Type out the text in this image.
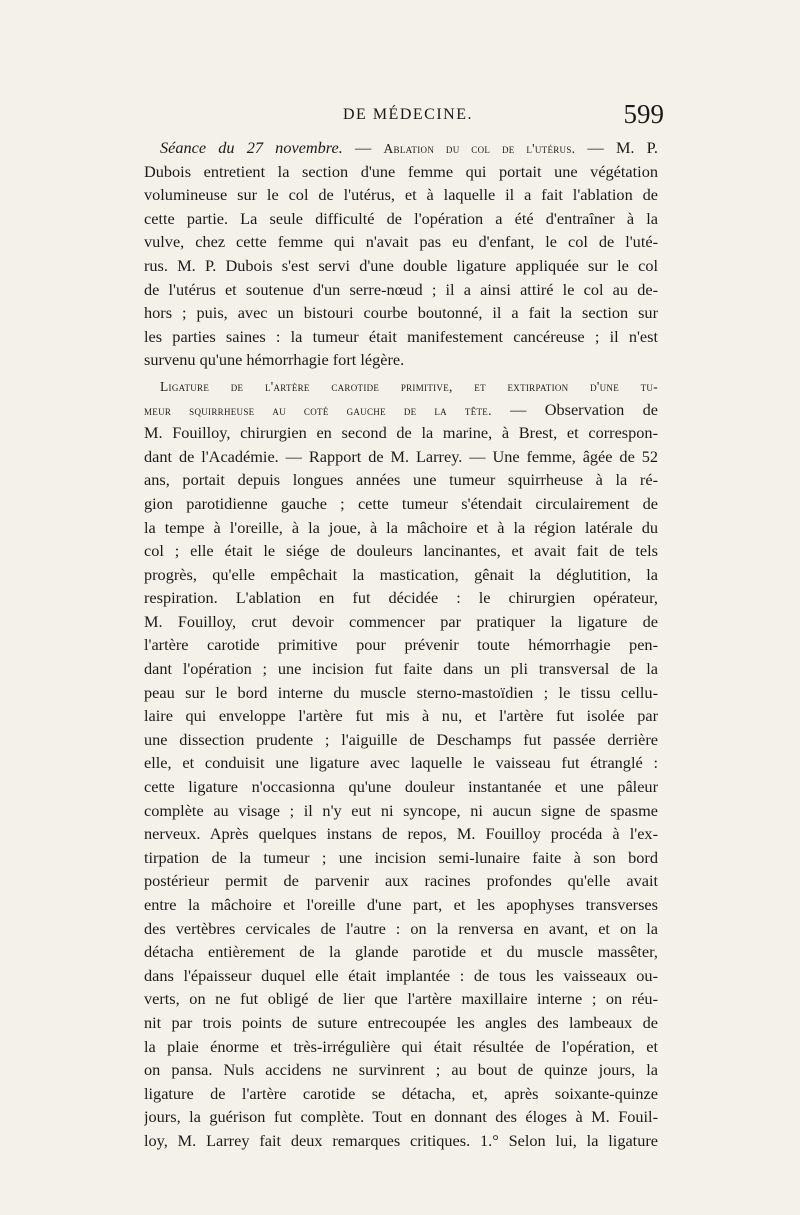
DE MÉDECINE.	599
Séance du 27 novembre. — Ablation du col de l'utérus. — M. P.
Dubois entretient la section d'une femme qui portait une végétation
volumineuse sur le col de l'utérus, et à laquelle il a fait l'ablation de
cette partie. La seule difficulté de l'opération a été d'entraîner à la
vulve, chez cette femme qui n'avait pas eu d'enfant, le col de l'uté-
rus. M. P. Dubois s'est servi d'une double ligature appliquée sur le col
de l'utérus et soutenue d'un serre-nœud ; il a ainsi attiré le col au de-
hors ; puis, avec un bistouri courbe boutonné, il a fait la section sur
les parties saines : la tumeur était manifestement cancéreuse ; il n'est
survenu qu'une hémorrhagie fort légère.
Ligature de l'artère carotide primitive, et extirpation d'une tu-
meur squirrheuse au coté gauche de la tête. — Observation de
M. Fouilloy, chirurgien en second de la marine, à Brest, et correspon-
dant de l'Académie. — Rapport de M. Larrey. — Une femme, âgée de 52
ans, portait depuis longues années une tumeur squirrheuse à la ré-
gion parotidienne gauche ; cette tumeur s'étendait circulairement de
la tempe à l'oreille, à la joue, à la mâchoire et à la région latérale du
col ; elle était le siége de douleurs lancinantes, et avait fait de tels
progrès, qu'elle empêchait la mastication, gênait la déglutition, la
respiration. L'ablation en fut décidée : le chirurgien opérateur,
M. Fouilloy, crut devoir commencer par pratiquer la ligature de
l'artère carotide primitive pour prévenir toute hémorrhagie pen-
dant l'opération ; une incision fut faite dans un pli transversal de la
peau sur le bord interne du muscle sterno-mastoïdien ; le tissu cellu-
laire qui enveloppe l'artère fut mis à nu, et l'artère fut isolée par
une dissection prudente ; l'aiguille de Deschamps fut passée derrière
elle, et conduisit une ligature avec laquelle le vaisseau fut étranglé :
cette ligature n'occasionna qu'une douleur instantanée et une pâleur
complète au visage ; il n'y eut ni syncope, ni aucun signe de spasme
nerveux. Après quelques instans de repos, M. Fouilloy procéda à l'ex-
tirpation de la tumeur ; une incision semi-lunaire faite à son bord
postérieur permit de parvenir aux racines profondes qu'elle avait
entre la mâchoire et l'oreille d'une part, et les apophyses transverses
des vertèbres cervicales de l'autre : on la renversa en avant, et on la
détacha entièrement de la glande parotide et du muscle massêter,
dans l'épaisseur duquel elle était implantée : de tous les vaisseaux ou-
verts, on ne fut obligé de lier que l'artère maxillaire interne ; on réu-
nit par trois points de suture entrecoupée les angles des lambeaux de
la plaie énorme et très-irrégulière qui était résultée de l'opération, et
on pansa. Nuls accidens ne survinrent ; au bout de quinze jours, la
ligature de l'artère carotide se détacha, et, après soixante-quinze
jours, la guérison fut complète. Tout en donnant des éloges à M. Fouil-
loy, M. Larrey fait deux remarques critiques. 1.° Selon lui, la ligature
